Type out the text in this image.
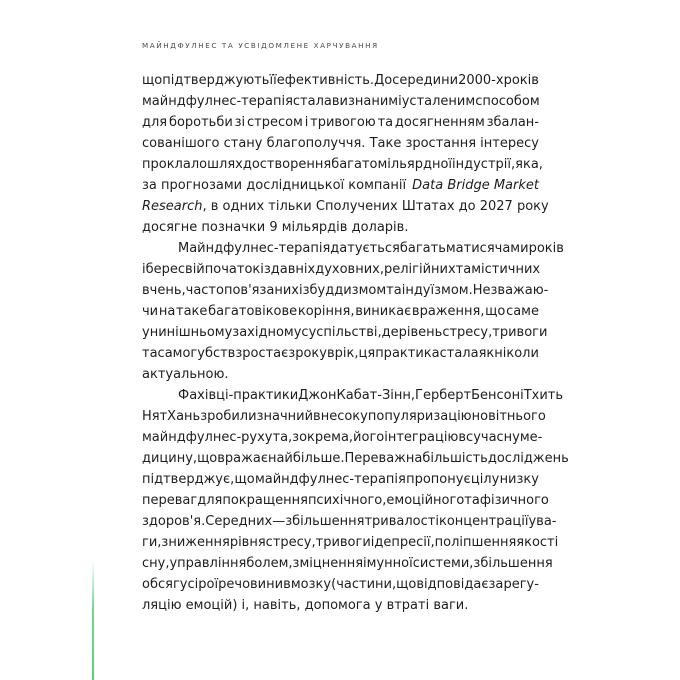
МАЙНДФУЛНЕС ТА УСВІДОМЛЕНЕ ХАРЧУВАННЯ
що підтверджують її ефективність. До середини 2000-х років
майндфулнес-терапія стала визнаним і усталеним способом
для боротьби зі стресом і тривогою та досягненням збалан-
сованішого стану благополуччя. Таке зростання інтересу
проклало шлях до створення багатомільярдної індустрії, яка,
за прогнозами дослідницької компанії Data Bridge Market
Research , в одних тільки Сполучених Штатах до 2027 року
досягне позначки 9 мільярдів доларів.
Майндфулнес-терапія датується багатьма тисячами років
і бере свій початок із давніх духовних, релігійних та містичних
вчень, часто пов'язаних із буддизмом та індуїзмом. Незважаю-
чи на таке багатовікове коріння, виникає враження, що саме
у нинішньому західному суспільстві, де рівень стресу, тривоги
та самогубств зростає з року в рік, ця практика стала як ніколи
актуальною.
Фахівці-практики Джон Кабат-Зінн, Герберт Бенсон і Тхить
Нят Хань зробили значний внесок у популяризацію новітнього
майндфулнес-руху та, зокрема, його інтеграцію в сучасну ме-
дицину, що вражає найбільше. Переважна більшість досліджень
підтверджує, що майндфулнес-терапія пропонує цілу низку
переваг для покращення психічного, емоційного та фізичного
здоров'я. Серед них — збільшення тривалості концентрації ува-
ги, зниження рівня стресу, тривоги і депресії, поліпшення якості
сну, управління болем, зміцнення імунної системи, збільшення
обсягу сірої речовини в мозку (частини, що відповідає за регу-
ляцію емоцій) і, навіть, допомога у втраті ваги.
